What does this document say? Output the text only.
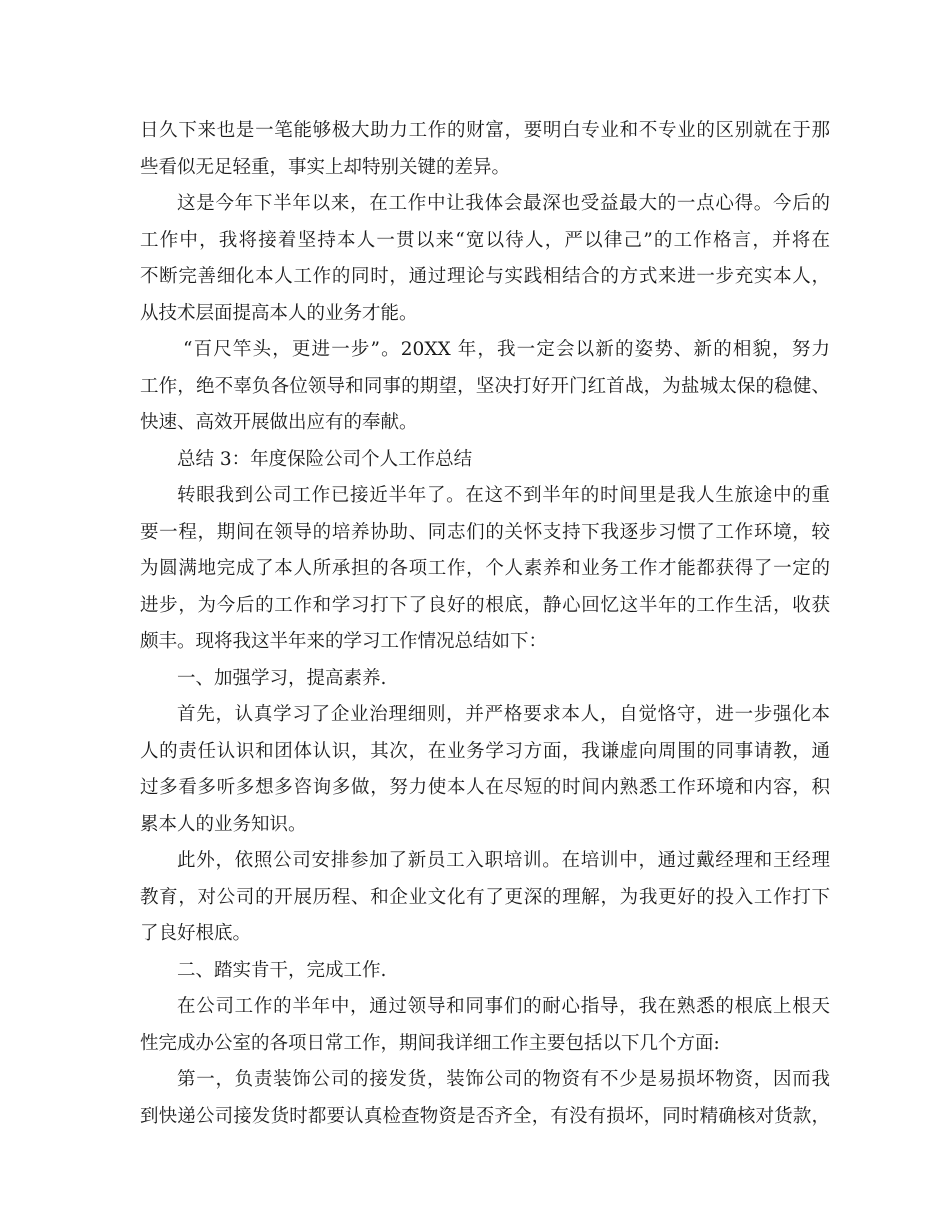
日久下来也是一笔能够极大助力工作的财富，要明白专业和不专业的区别就在于那
些看似无足轻重，事实上却特别关键的差异。
这是今年下半年以来，在工作中让我体会最深也受益最大的一点心得。今后的
工作中，我将接着坚持本人一贯以来“宽以待人，严以律己”的工作格言，并将在
不断完善细化本人工作的同时，通过理论与实践相结合的方式来进一步充实本人，
从技术层面提高本人的业务才能。
“百尺竿头，更进一步”。20XX 年，我一定会以新的姿势、新的相貌，努力
工作，绝不辜负各位领导和同事的期望，坚决打好开门红首战，为盐城太保的稳健、
快速、高效开展做出应有的奉献。
总结 3：年度保险公司个人工作总结
转眼我到公司工作已接近半年了。在这不到半年的时间里是我人生旅途中的重
要一程，期间在领导的培养协助、同志们的关怀支持下我逐步习惯了工作环境，较
为圆满地完成了本人所承担的各项工作，个人素养和业务工作才能都获得了一定的
进步，为今后的工作和学习打下了良好的根底，静心回忆这半年的工作生活，收获
颇丰。现将我这半年来的学习工作情况总结如下：
一、加强学习，提高素养.
首先，认真学习了企业治理细则，并严格要求本人，自觉恪守，进一步强化本
人的责任认识和团体认识，其次，在业务学习方面，我谦虚向周围的同事请教，通
过多看多听多想多咨询多做，努力使本人在尽短的时间内熟悉工作环境和内容，积
累本人的业务知识。
此外，依照公司安排参加了新员工入职培训。在培训中，通过戴经理和王经理
教育，对公司的开展历程、和企业文化有了更深的理解，为我更好的投入工作打下
了良好根底。
二、踏实肯干，完成工作.
在公司工作的半年中，通过领导和同事们的耐心指导，我在熟悉的根底上根天
性完成办公室的各项日常工作，期间我详细工作主要包括以下几个方面:
第一，负责装饰公司的接发货，装饰公司的物资有不少是易损坏物资，因而我
到快递公司接发货时都要认真检查物资是否齐全，有没有损坏，同时精确核对货款，
